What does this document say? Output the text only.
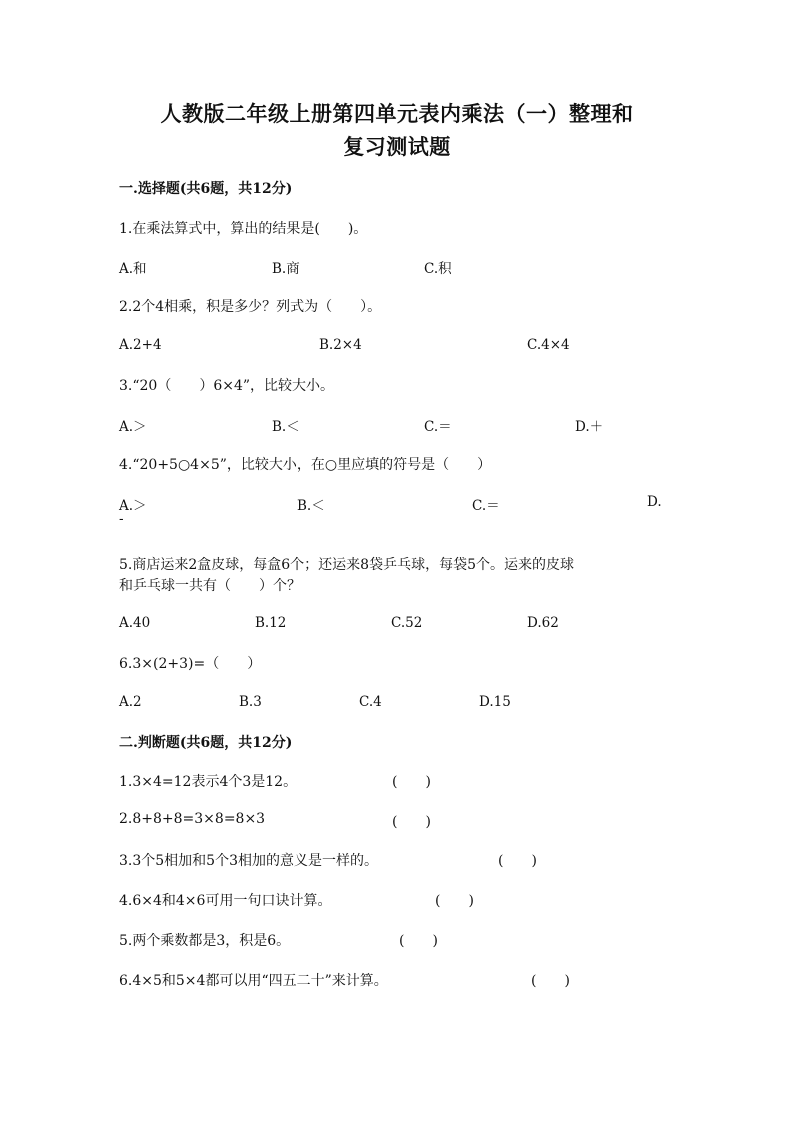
人教版二年级上册第四单元表内乘法（一）整理和
复习测试题
一.选择题(共6题，共12分)
1.在乘法算式中，算出的结果是(　　)。
A.和	B.商	C.积
2.2个4相乘，积是多少？列式为（　　）。
A.2+4	B.2×4	C.4×4
3.“20（　　）6×4”，比较大小。
A.＞	B.＜	C.＝	D.＋
4.“20+5○4×5”，比较大小，在○里应填的符号是（　　）
A.＞	B.＜	C.＝	D.
-
5.商店运来2盒皮球，每盒6个；还运来8袋乒乓球，每袋5个。运来的皮球
和乒乓球一共有（　　）个？
A.40	B.12	C.52	D.62
6.3×(2+3)=（　　）
A.2	B.3	C.4	D.15
二.判断题(共6题，共12分)
1.3×4=12表示4个3是12。	(　　)
2.8+8+8=3×8=8×3	(　　)
3.3个5相加和5个3相加的意义是一样的。	(　　)
4.6×4和4×6可用一句口诀计算。	(　　)
5.两个乘数都是3，积是6。	(　　)
6.4×5和5×4都可以用“四五二十”来计算。	(　　)
